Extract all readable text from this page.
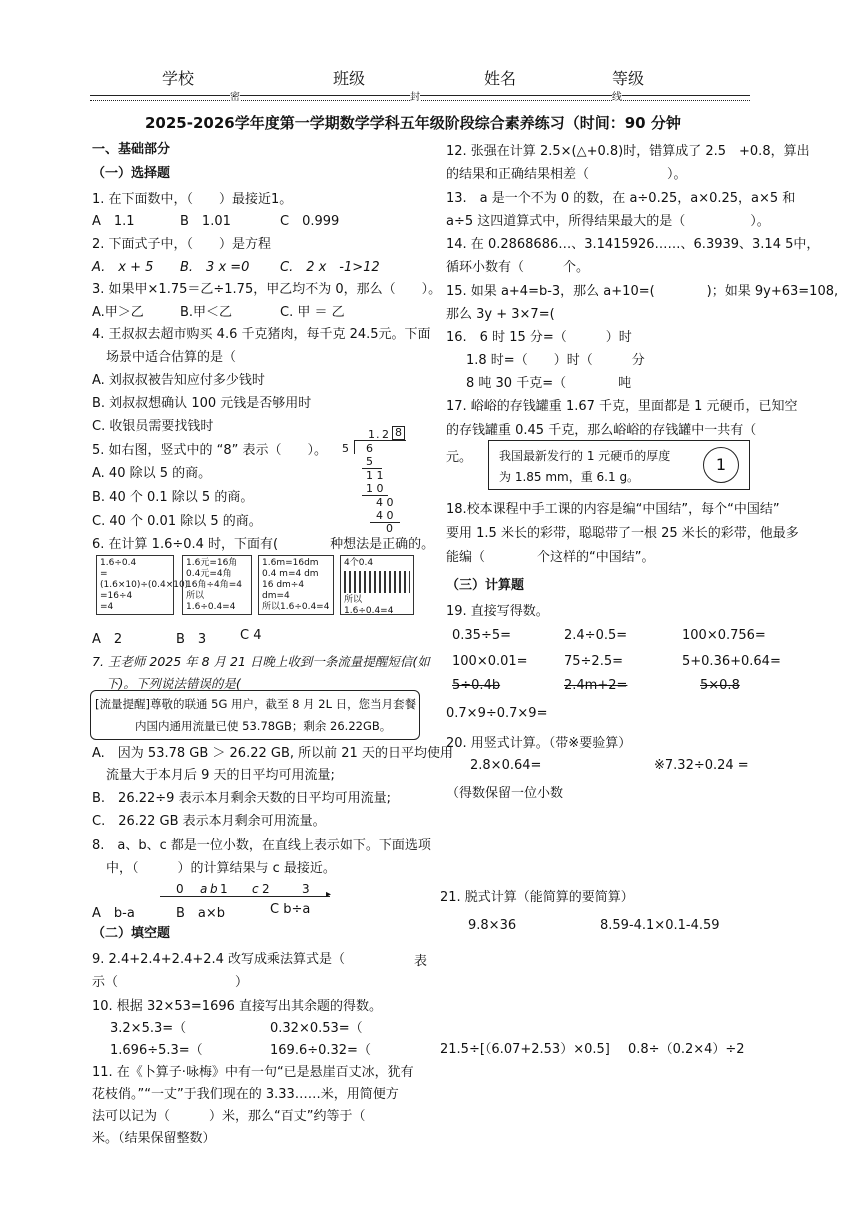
学校	班级	姓名	等级
密	封	线
2025-2026学年度第一学期数学学科五年级阶段综合素养练习（时间：90 分钟
一、基础部分
（一）选择题
1. 在下面数中，（　　）最接近1。
A　1.1	B　1.01	C　0.999
2. 下面式子中，（　　）是方程
A.　x + 5 B.　3 x =0 C.　2 x　-1>12
3. 如果甲×1.75＝乙÷1.75，甲乙均不为 0，那么（　　）。
A.甲＞乙	B.甲＜乙	C. 甲 ＝ 乙
4. 王叔叔去超市购买 4.6 千克猪肉，每千克 24.5元。下面
场景中适合估算的是（
A. 刘叔叔被告知应付多少钱时
B. 刘叔叔想确认 100 元钱是否够用时
C. 收银员需要找钱时
5. 如右图，竖式中的 “8” 表示（　　）。
A. 40 除以 5 的商。
B. 40 个 0.1 除以 5 的商。
C. 40 个 0.01 除以 5 的商。
1 . 2 8
5 6
5
1 1
1 0
4 0
4 0
0
6. 在计算 1.6÷0.4 时，下面有(　　　　种想法是正确的。
1.6÷0.4
=(1.6×10)÷(0.4×10)
=16÷4
=4
1.6元=16角
0.4元=4角
16角÷4角=4
所以1.6÷0.4=4
1.6m=16dm
0.4 m=4 dm
16 dm÷4 dm=4
所以1.6÷0.4=4
4个0.4
所以1.6÷0.4=4
A　2	B　3	C 4
7. 王老师 2025 年 8 月 21 日晚上收到一条流量提醒短信(如
下)。下列说法错误的是(
[流量提醒]尊敬的联通 5G 用户，截至 8 月 2L 日，您当月套餐
内国内通用流量已使 53.78GB；剩余 26.22GB。
A.　因为 53.78 GB ＞ 26.22 GB, 所以前 21 天的日平均使用
流量大于本月后 9 天的日平均可用流量;
B.　26.22÷9 表示本月剩余天数的日平均可用流量;
C.　26.22 GB 表示本月剩余可用流量。
8.　a、b、c 都是一位小数，在直线上表示如下。下面选项
中，（　　　）的计算结果与 c 最接近。
▸
0 a b 1 c 2	3
A　b-a	B　a×b	C b÷a
（二）填空题
9. 2.4+2.4+2.4+2.4 改写成乘法算式是（	表
示（　　　　　　　　　）
10. 根据 32×53=1696 直接写出其余题的得数。
3.2×5.3=（	0.32×0.53=（
1.696÷5.3=（	169.6÷0.32=（
11. 在《卜算子·咏梅》中有一句“已是悬崖百丈冰，犹有
花枝俏。”“一丈”于我们现在的 3.33……米，用简便方
法可以记为（　　　）米，那么“百丈”约等于（
米。（结果保留整数）
12. 张强在计算 2.5×(△+0.8)时，错算成了 2.5　+0.8，算出
的结果和正确结果相差（　　　　　　）。
13.　a 是一个不为 0 的数，在 a÷0.25，a×0.25，a×5 和
a÷5 这四道算式中，所得结果最大的是（　　　　　）。
14. 在 0.2868686…、3.1415926……、6.3939、3.14 5中，
循环小数有（　　　个。
15. 如果 a+4=b-3，那么 a+10=(　　　　)；如果 9y+63=108,
那么 3y + 3×7=(
16.　6 时 15 分=（　　　）时
1.8 时=（　　）时（　　　分
8 吨 30 千克=（　　　　吨
17. 峪峪的存钱罐重 1.67 千克，里面都是 1 元硬币，已知空
的存钱罐重 0.45 千克，那么峪峪的存钱罐中一共有（
元。 我国最新发行的 1 元硬币的厚度
为 1.85 mm，重 6.1 g。
1
18.校本课程中手工课的内容是编“中国结”，每个“中国结”
要用 1.5 米长的彩带，聪聪带了一根 25 米长的彩带，他最多
能编（　　　　个这样的“中国结”。
（三）计算题
19. 直接写得数。
0.35÷5=	2.4÷0.5=	100×0.756=
100×0.01=	75÷2.5=	5+0.36+0.64=
5÷0.4b	2.4m+2=	5×0.8
0.7×9÷0.7×9=
20. 用竖式计算。（带※要验算）
2.8×0.64=	※7.32÷0.24 =
（得数保留一位小数
21. 脱式计算（能简算的要简算）
9.8×36	8.59-4.1×0.1-4.59
21.5÷[（6.07+2.53）×0.5] 0.8÷（0.2×4）÷2
